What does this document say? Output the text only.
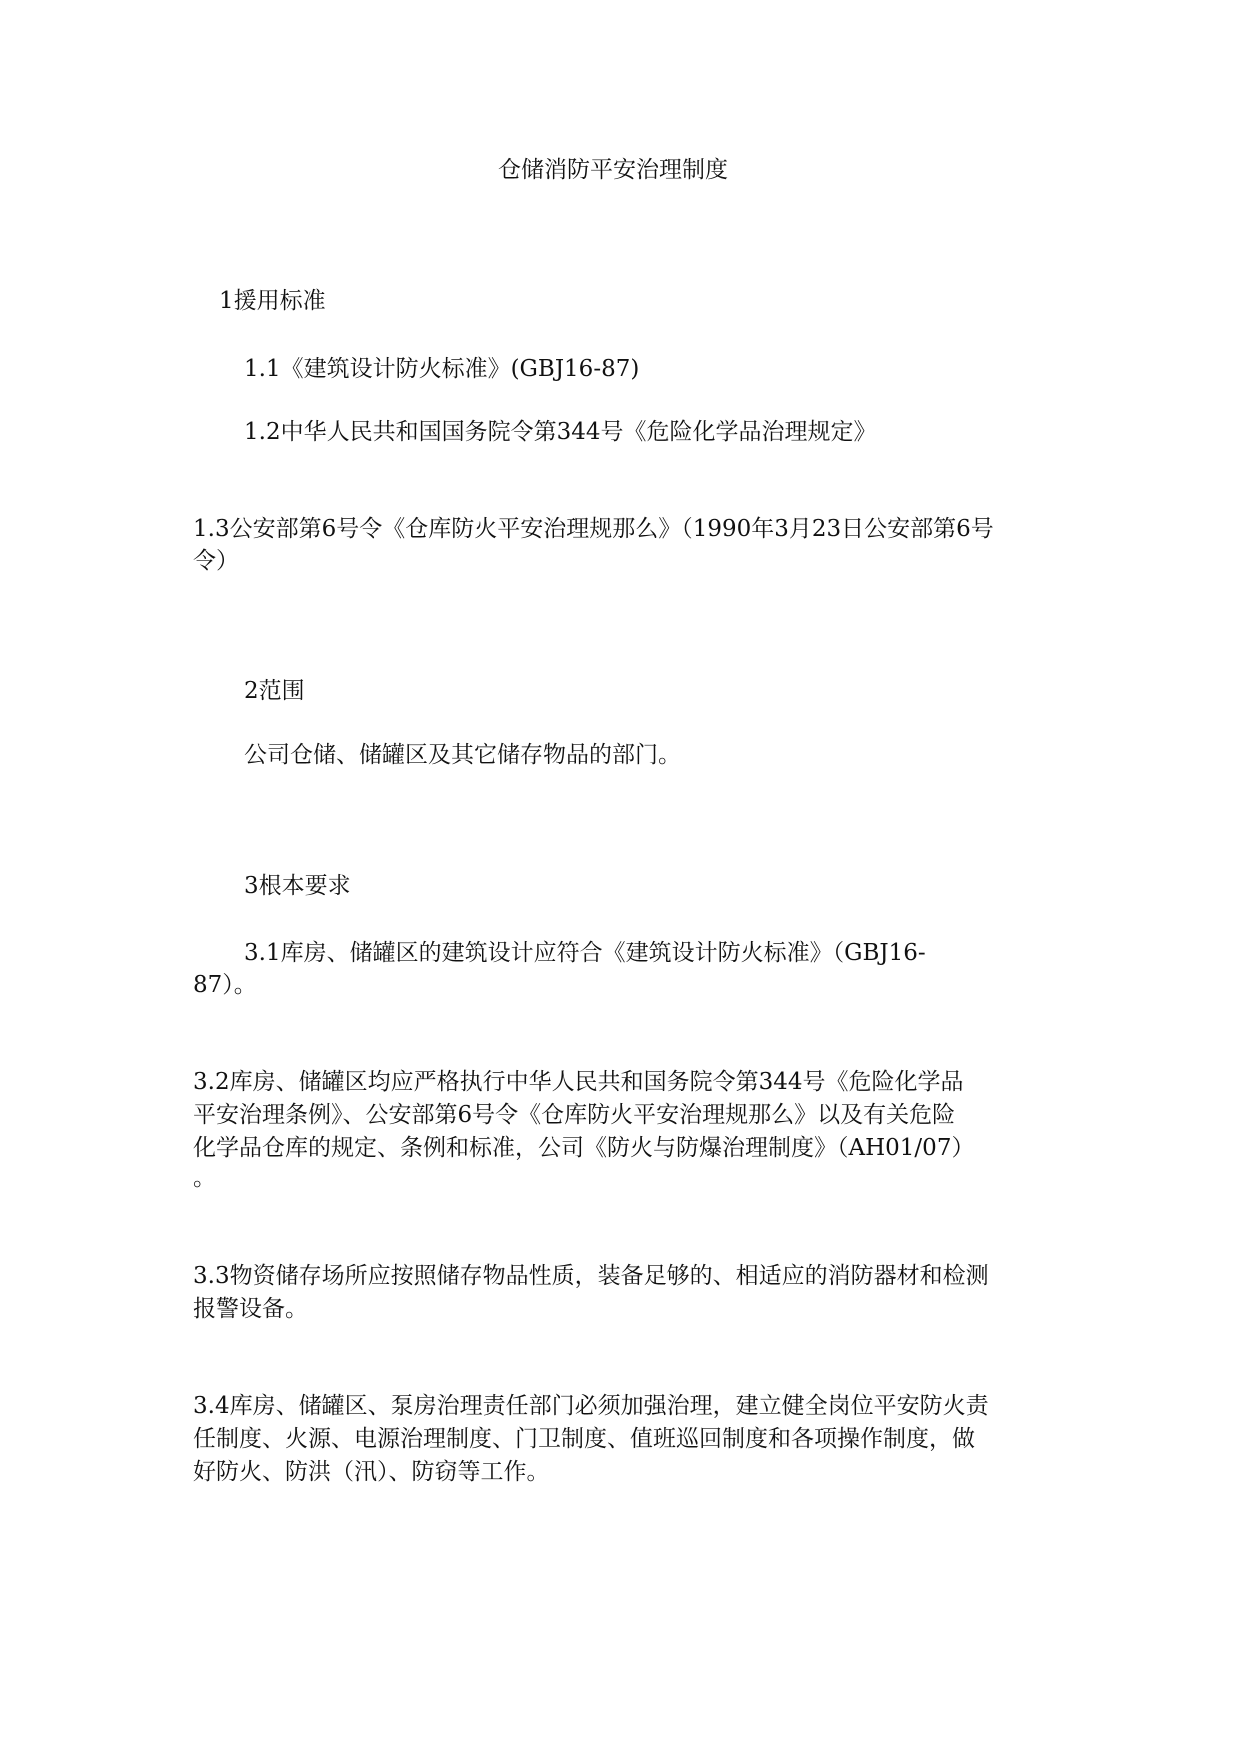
仓储消防平安治理制度

1援用标准

1.1《建筑设计防火标准》(GBJ16-87)

1.2中华人民共和国国务院令第344号《危险化学品治理规定》

1.3公安部第6号令《仓库防火平安治理规那么》（1990年3月23日公安部第6号

令）

2范围

公司仓储、储罐区及其它储存物品的部门。

3根本要求

3.1库房、储罐区的建筑设计应符合《建筑设计防火标准》（GBJ16-

87）。

3.2库房、储罐区均应严格执行中华人民共和国务院令第344号《危险化学品

平安治理条例》、公安部第6号令《仓库防火平安治理规那么》以及有关危险

化学品仓库的规定、条例和标准，公司《防火与防爆治理制度》（AH01/07）

。

3.3物资储存场所应按照储存物品性质，装备足够的、相适应的消防器材和检测

报警设备。

3.4库房、储罐区、泵房治理责任部门必须加强治理，建立健全岗位平安防火责

任制度、火源、电源治理制度、门卫制度、值班巡回制度和各项操作制度，做

好防火、防洪（汛）、防窃等工作。
